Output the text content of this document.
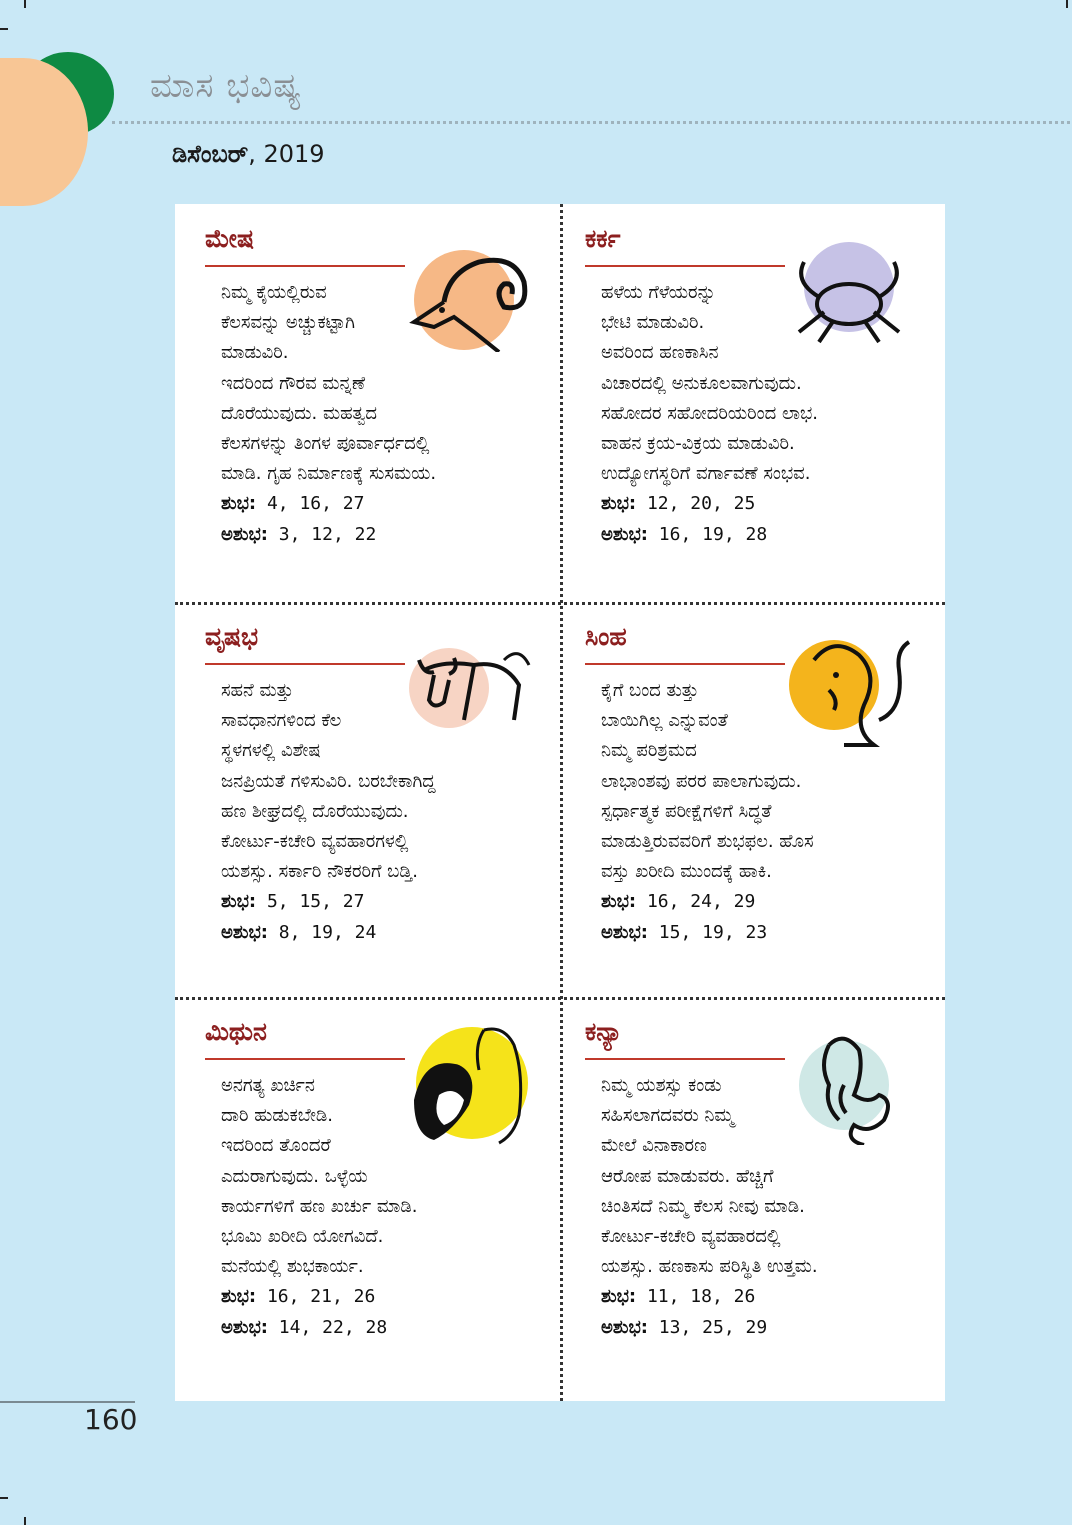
ಮಾಸ ಭವಿಷ್ಯ
ಡಿಸೆಂಬರ್, 2019
ಮೇಷ

ನಿಮ್ಮ ಕೈಯಲ್ಲಿರುವ

ಕೆಲಸವನ್ನು ಅಚ್ಚುಕಟ್ಟಾಗಿ

ಮಾಡುವಿರಿ.

ಇದರಿಂದ ಗೌರವ ಮನ್ನಣೆ

ದೊರೆಯುವುದು. ಮಹತ್ವದ

ಕೆಲಸಗಳನ್ನು ತಿಂಗಳ ಪೂರ್ವಾರ್ಧದಲ್ಲಿ

ಮಾಡಿ. ಗೃಹ ನಿರ್ಮಾಣಕ್ಕೆ ಸುಸಮಯ.

ಶುಭ: 4, 16, 27

ಅಶುಭ: 3, 12, 22

ಕರ್ಕ

ಹಳೆಯ ಗೆಳೆಯರನ್ನು

ಭೇಟಿ ಮಾಡುವಿರಿ.

ಅವರಿಂದ ಹಣಕಾಸಿನ

ವಿಚಾರದಲ್ಲಿ ಅನುಕೂಲವಾಗುವುದು.

ಸಹೋದರ ಸಹೋದರಿಯರಿಂದ ಲಾಭ.

ವಾಹನ ಕ್ರಯ-ವಿಕ್ರಯ ಮಾಡುವಿರಿ.

ಉದ್ಯೋಗಸ್ಥರಿಗೆ ವರ್ಗಾವಣೆ ಸಂಭವ.

ಶುಭ: 12, 20, 25

ಅಶುಭ: 16, 19, 28

ವೃಷಭ

ಸಹನೆ ಮತ್ತು

ಸಾವಧಾನಗಳಿಂದ ಕೆಲ

ಸ್ಥಳಗಳಲ್ಲಿ ವಿಶೇಷ

ಜನಪ್ರಿಯತೆ ಗಳಿಸುವಿರಿ. ಬರಬೇಕಾಗಿದ್ದ

ಹಣ ಶೀಘ್ರದಲ್ಲಿ ದೊರೆಯುವುದು.

ಕೋರ್ಟು-ಕಚೇರಿ ವ್ಯವಹಾರಗಳಲ್ಲಿ

ಯಶಸ್ಸು. ಸರ್ಕಾರಿ ನೌಕರರಿಗೆ ಬಡ್ತಿ.

ಶುಭ: 5, 15, 27

ಅಶುಭ: 8, 19, 24

ಸಿಂಹ

ಕೈಗೆ ಬಂದ ತುತ್ತು

ಬಾಯಿಗಿಲ್ಲ ಎನ್ನುವಂತೆ

ನಿಮ್ಮ ಪರಿಶ್ರಮದ

ಲಾಭಾಂಶವು ಪರರ ಪಾಲಾಗುವುದು.

ಸ್ಪರ್ಧಾತ್ಮಕ ಪರೀಕ್ಷೆಗಳಿಗೆ ಸಿದ್ಧತೆ

ಮಾಡುತ್ತಿರುವವರಿಗೆ ಶುಭಫಲ. ಹೊಸ

ವಸ್ತು ಖರೀದಿ ಮುಂದಕ್ಕೆ ಹಾಕಿ.

ಶುಭ: 16, 24, 29

ಅಶುಭ: 15, 19, 23

ಮಿಥುನ

ಅನಗತ್ಯ ಖರ್ಚಿನ

ದಾರಿ ಹುಡುಕಬೇಡಿ.

ಇದರಿಂದ ತೊಂದರೆ

ಎದುರಾಗುವುದು. ಒಳ್ಳೆಯ

ಕಾರ್ಯಗಳಿಗೆ ಹಣ ಖರ್ಚು ಮಾಡಿ.

ಭೂಮಿ ಖರೀದಿ ಯೋಗವಿದೆ.

ಮನೆಯಲ್ಲಿ ಶುಭಕಾರ್ಯ.

ಶುಭ: 16, 21, 26

ಅಶುಭ: 14, 22, 28

ಕನ್ಯಾ

ನಿಮ್ಮ ಯಶಸ್ಸು ಕಂಡು

ಸಹಿಸಲಾಗದವರು ನಿಮ್ಮ

ಮೇಲೆ ವಿನಾಕಾರಣ

ಆರೋಪ ಮಾಡುವರು. ಹೆಚ್ಚಿಗೆ

ಚಿಂತಿಸದೆ ನಿಮ್ಮ ಕೆಲಸ ನೀವು ಮಾಡಿ.

ಕೋರ್ಟು-ಕಚೇರಿ ವ್ಯವಹಾರದಲ್ಲಿ

ಯಶಸ್ಸು. ಹಣಕಾಸು ಪರಿಸ್ಥಿತಿ ಉತ್ತಮ.

ಶುಭ: 11, 18, 26

ಅಶುಭ: 13, 25, 29

160
